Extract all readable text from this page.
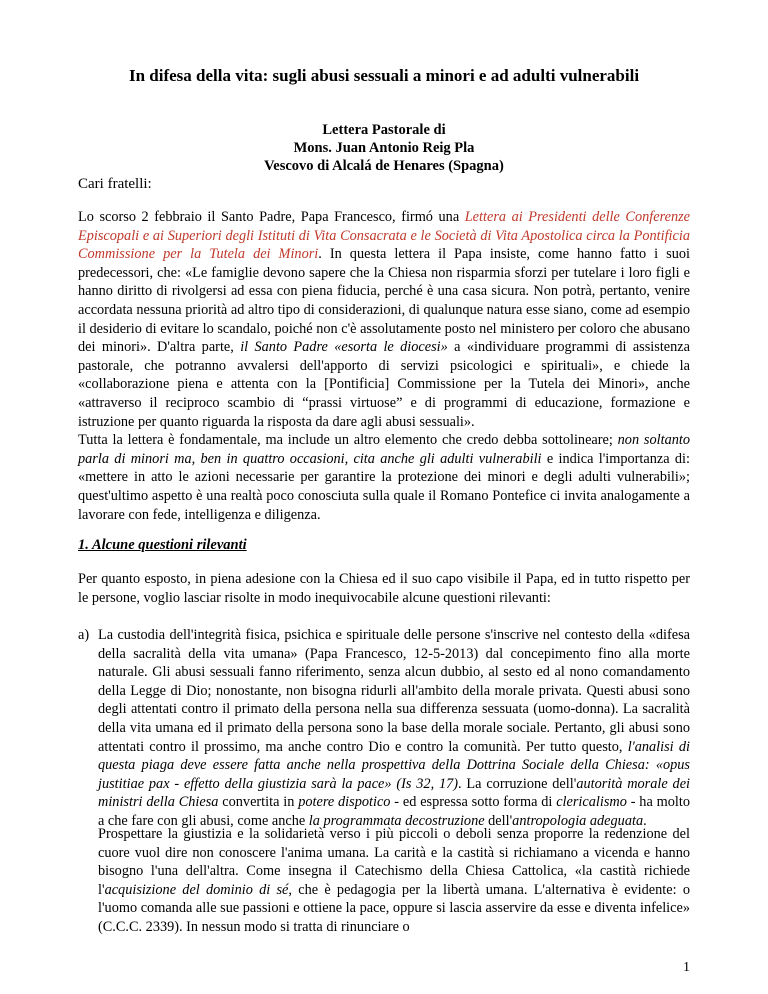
In difesa della vita: sugli abusi sessuali a minori e ad adulti vulnerabili
Lettera Pastorale di
Mons. Juan Antonio Reig Pla
Vescovo di Alcalá de Henares (Spagna)
Cari fratelli:
Lo scorso 2 febbraio il Santo Padre, Papa Francesco, firmó una Lettera ai Presidenti delle Conferenze Episcopali e ai Superiori degli Istituti di Vita Consacrata e le Società di Vita Apostolica circa la Pontificia Commissione per la Tutela dei Minori. In questa lettera il Papa insiste, come hanno fatto i suoi predecessori, che: «Le famiglie devono sapere che la Chiesa non risparmia sforzi per tutelare i loro figli e hanno diritto di rivolgersi ad essa con piena fiducia, perché è una casa sicura. Non potrà, pertanto, venire accordata nessuna priorità ad altro tipo di considerazioni, di qualunque natura esse siano, come ad esempio il desiderio di evitare lo scandalo, poiché non c'è assolutamente posto nel ministero per coloro che abusano dei minori». D'altra parte, il Santo Padre «esorta le diocesi» a «individuare programmi di assistenza pastorale, che potranno avvalersi dell'apporto di servizi psicologici e spirituali», e chiede la «collaborazione piena e attenta con la [Pontificia] Commissione per la Tutela dei Minori», anche «attraverso il reciproco scambio di “prassi virtuose” e di programmi di educazione, formazione e istruzione per quanto riguarda la risposta da dare agli abusi sessuali».
Tutta la lettera è fondamentale, ma include un altro elemento che credo debba sottolineare; non soltanto parla di minori ma, ben in quattro occasioni, cita anche gli adulti vulnerabili e indica l'importanza di: «mettere in atto le azioni necessarie per garantire la protezione dei minori e degli adulti vulnerabili»; quest'ultimo aspetto è una realtà poco conosciuta sulla quale il Romano Pontefice ci invita analogamente a lavorare con fede, intelligenza e diligenza.
1. Alcune questioni rilevanti
Per quanto esposto, in piena adesione con la Chiesa ed il suo capo visibile il Papa, ed in tutto rispetto per le persone, voglio lasciar risolte in modo inequivocabile alcune questioni rilevanti:
a) La custodia dell'integrità fisica, psichica e spirituale delle persone s'inscrive nel contesto della «difesa della sacralità della vita umana» (Papa Francesco, 12-5-2013) dal concepimento fino alla morte naturale. Gli abusi sessuali fanno riferimento, senza alcun dubbio, al sesto ed al nono comandamento della Legge di Dio; nonostante, non bisogna ridurli all'ambito della morale privata. Questi abusi sono degli attentati contro il primato della persona nella sua differenza sessuata (uomo-donna). La sacralità della vita umana ed il primato della persona sono la base della morale sociale. Pertanto, gli abusi sono attentati contro il prossimo, ma anche contro Dio e contro la comunità. Per tutto questo, l'analisi di questa piaga deve essere fatta anche nella prospettiva della Dottrina Sociale della Chiesa: «opus justitiae pax - effetto della giustizia sarà la pace» (Is 32, 17). La corruzione dell'autorità morale dei ministri della Chiesa convertita in potere dispotico - ed espressa sotto forma di clericalismo - ha molto a che fare con gli abusi, come anche la programmata decostruzione dell'antropologia adeguata.
Prospettare la giustizia e la solidarietà verso i più piccoli o deboli senza proporre la redenzione del cuore vuol dire non conoscere l'anima umana. La carità e la castità si richiamano a vicenda e hanno bisogno l'una dell'altra. Come insegna il Catechismo della Chiesa Cattolica, «la castità richiede l'acquisizione del dominio di sé, che è pedagogia per la libertà umana. L'alternativa è evidente: o l'uomo comanda alle sue passioni e ottiene la pace, oppure si lascia asservire da esse e diventa infelice» (C.C.C. 2339). In nessun modo si tratta di rinunciare o
1
